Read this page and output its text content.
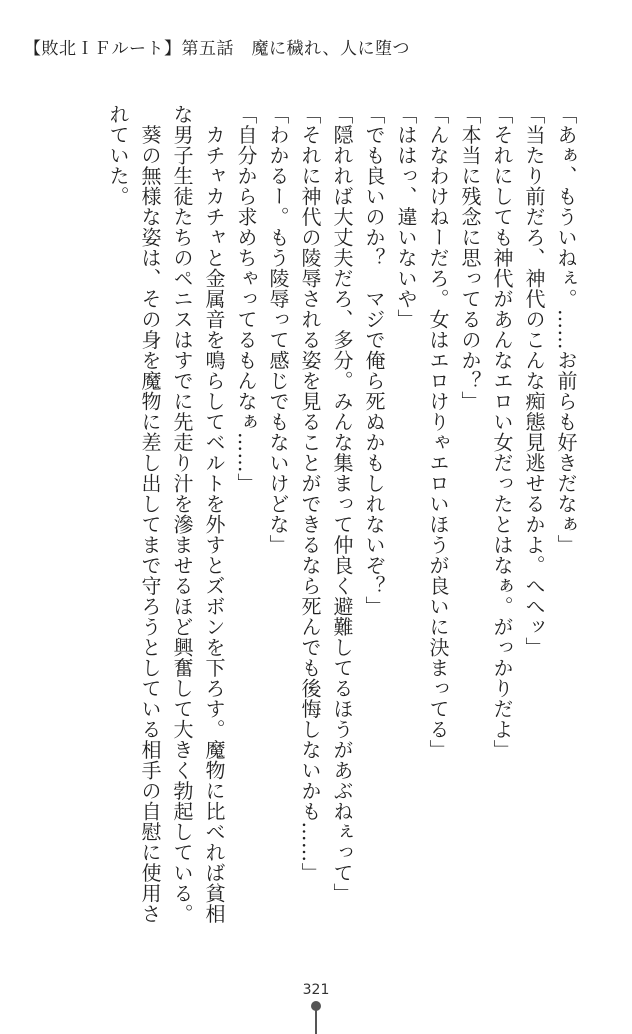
【敗北ＩＦルート】第五話　魔に穢れ、人に堕つ

「あぁ、もういねぇ。……お前らも好きだなぁ」

「当たり前だろ、神代のこんな痴態見逃せるかよ。へへッ」

「それにしても神代があんなエロい女だったとはなぁ。がっかりだよ」

「本当に残念に思ってるのか？」

「んなわけねーだろ。女はエロけりゃエロいほうが良いに決まってる」

「ははっ、違いないや」

「でも良いのか？　マジで俺ら死ぬかもしれないぞ？」

「隠れれば大丈夫だろ、多分。みんな集まって仲良く避難してるほうがあぶねぇって」

「それに神代の陵辱される姿を見ることができるなら死んでも後悔しないかも……」

「わかるー。もう陵辱って感じでもないけどな」

「自分から求めちゃってるもんなぁ……」

　カチャカチャと金属音を鳴らしてベルトを外すとズボンを下ろす。魔物に比べれば貧相

な男子生徒たちのペニスはすでに先走り汁を滲ませるほど興奮して大きく勃起している。

　葵の無様な姿は、その身を魔物に差し出してまで守ろうとしている相手の自慰に使用さ

れていた。

321
